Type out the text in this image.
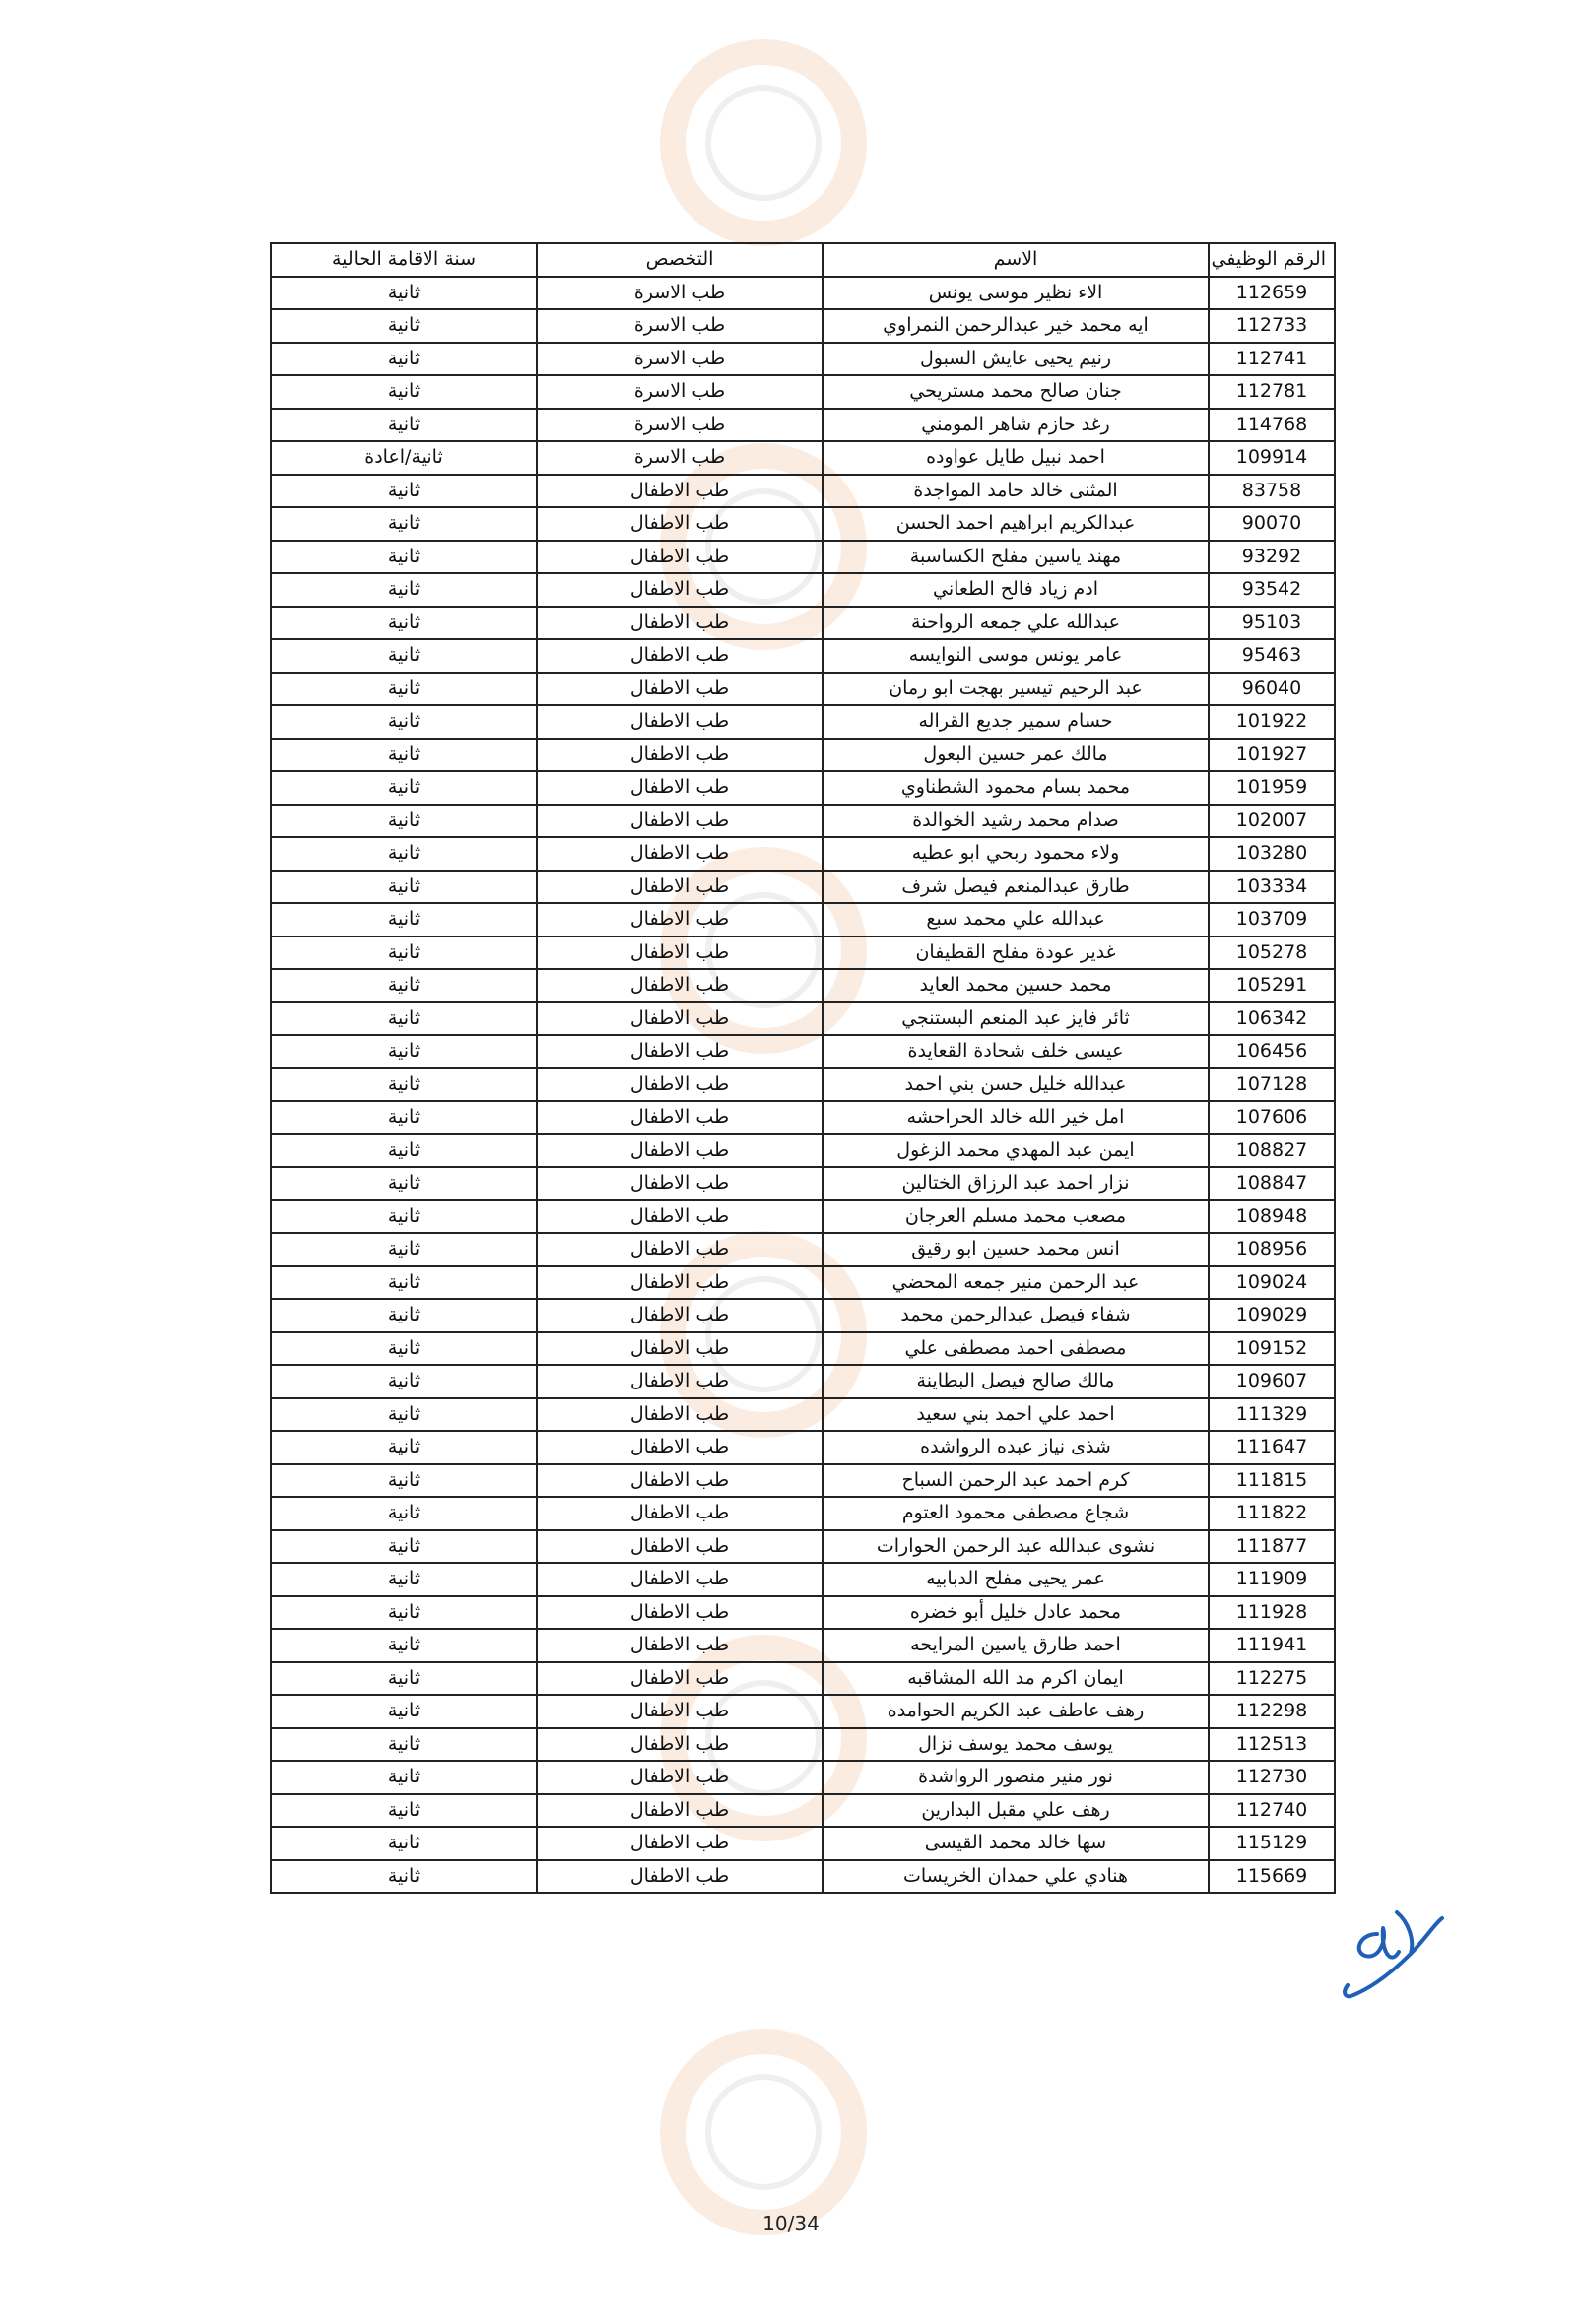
الرقم الوظيفي	الاسم	التخصص	سنة الاقامة الحالية
112659	الاء نظير موسى يونس	طب الاسرة	ثانية
112733	ايه محمد خير عبدالرحمن النمراوي	طب الاسرة	ثانية
112741	رنيم يحيى عايش السبول	طب الاسرة	ثانية
112781	جنان صالح محمد مستريحي	طب الاسرة	ثانية
114768	رغد حازم شاهر المومني	طب الاسرة	ثانية
109914	احمد نبيل طايل عواوده	طب الاسرة	ثانية/اعادة
83758	المثنى خالد حامد المواجدة	طب الاطفال	ثانية
90070	عبدالكريم ابراهيم احمد الحسن	طب الاطفال	ثانية
93292	مهند ياسين مفلح الكساسبة	طب الاطفال	ثانية
93542	ادم زياد فالح الطعاني	طب الاطفال	ثانية
95103	عبدالله علي جمعه الرواحنة	طب الاطفال	ثانية
95463	عامر يونس موسى النوايسه	طب الاطفال	ثانية
96040	عبد الرحيم تيسير بهجت ابو رمان	طب الاطفال	ثانية
101922	حسام سمير جديع القراله	طب الاطفال	ثانية
101927	مالك عمر حسين البعول	طب الاطفال	ثانية
101959	محمد بسام محمود الشطناوي	طب الاطفال	ثانية
102007	صدام محمد رشيد الخوالدة	طب الاطفال	ثانية
103280	ولاء محمود ربحي ابو عطيه	طب الاطفال	ثانية
103334	طارق عبدالمنعم فيصل شرف	طب الاطفال	ثانية
103709	عبدالله علي محمد سبع	طب الاطفال	ثانية
105278	غدير عودة مفلح القطيفان	طب الاطفال	ثانية
105291	محمد حسين محمد العايد	طب الاطفال	ثانية
106342	ثائر فايز عبد المنعم البستنجي	طب الاطفال	ثانية
106456	عيسى خلف شحادة القعايدة	طب الاطفال	ثانية
107128	عبدالله خليل حسن بني احمد	طب الاطفال	ثانية
107606	امل خير الله خالد الحراحشه	طب الاطفال	ثانية
108827	ايمن عبد المهدي محمد الزغول	طب الاطفال	ثانية
108847	نزار احمد عبد الرزاق الختالين	طب الاطفال	ثانية
108948	مصعب محمد مسلم العرجان	طب الاطفال	ثانية
108956	انس محمد حسين ابو رقيق	طب الاطفال	ثانية
109024	عبد الرحمن منير جمعه المحضي	طب الاطفال	ثانية
109029	شفاء فيصل عبدالرحمن محمد	طب الاطفال	ثانية
109152	مصطفى احمد مصطفى علي	طب الاطفال	ثانية
109607	مالك صالح فيصل البطاينة	طب الاطفال	ثانية
111329	احمد علي احمد بني سعيد	طب الاطفال	ثانية
111647	شذى نياز عبده الرواشده	طب الاطفال	ثانية
111815	كرم احمد عبد الرحمن السباح	طب الاطفال	ثانية
111822	شجاع مصطفى محمود العتوم	طب الاطفال	ثانية
111877	نشوى عبدالله عبد الرحمن الحوارات	طب الاطفال	ثانية
111909	عمر يحيى مفلح الدبابيه	طب الاطفال	ثانية
111928	محمد عادل خليل أبو خضره	طب الاطفال	ثانية
111941	احمد طارق ياسين المرايحه	طب الاطفال	ثانية
112275	ايمان اكرم مد الله المشاقبه	طب الاطفال	ثانية
112298	رهف عاطف عبد الكريم الحوامده	طب الاطفال	ثانية
112513	يوسف محمد يوسف نزال	طب الاطفال	ثانية
112730	نور منير منصور الرواشدة	طب الاطفال	ثانية
112740	رهف علي مقبل البدارين	طب الاطفال	ثانية
115129	سها خالد محمد القيسى	طب الاطفال	ثانية
115669	هنادي علي حمدان الخريسات	طب الاطفال	ثانية
10/34
